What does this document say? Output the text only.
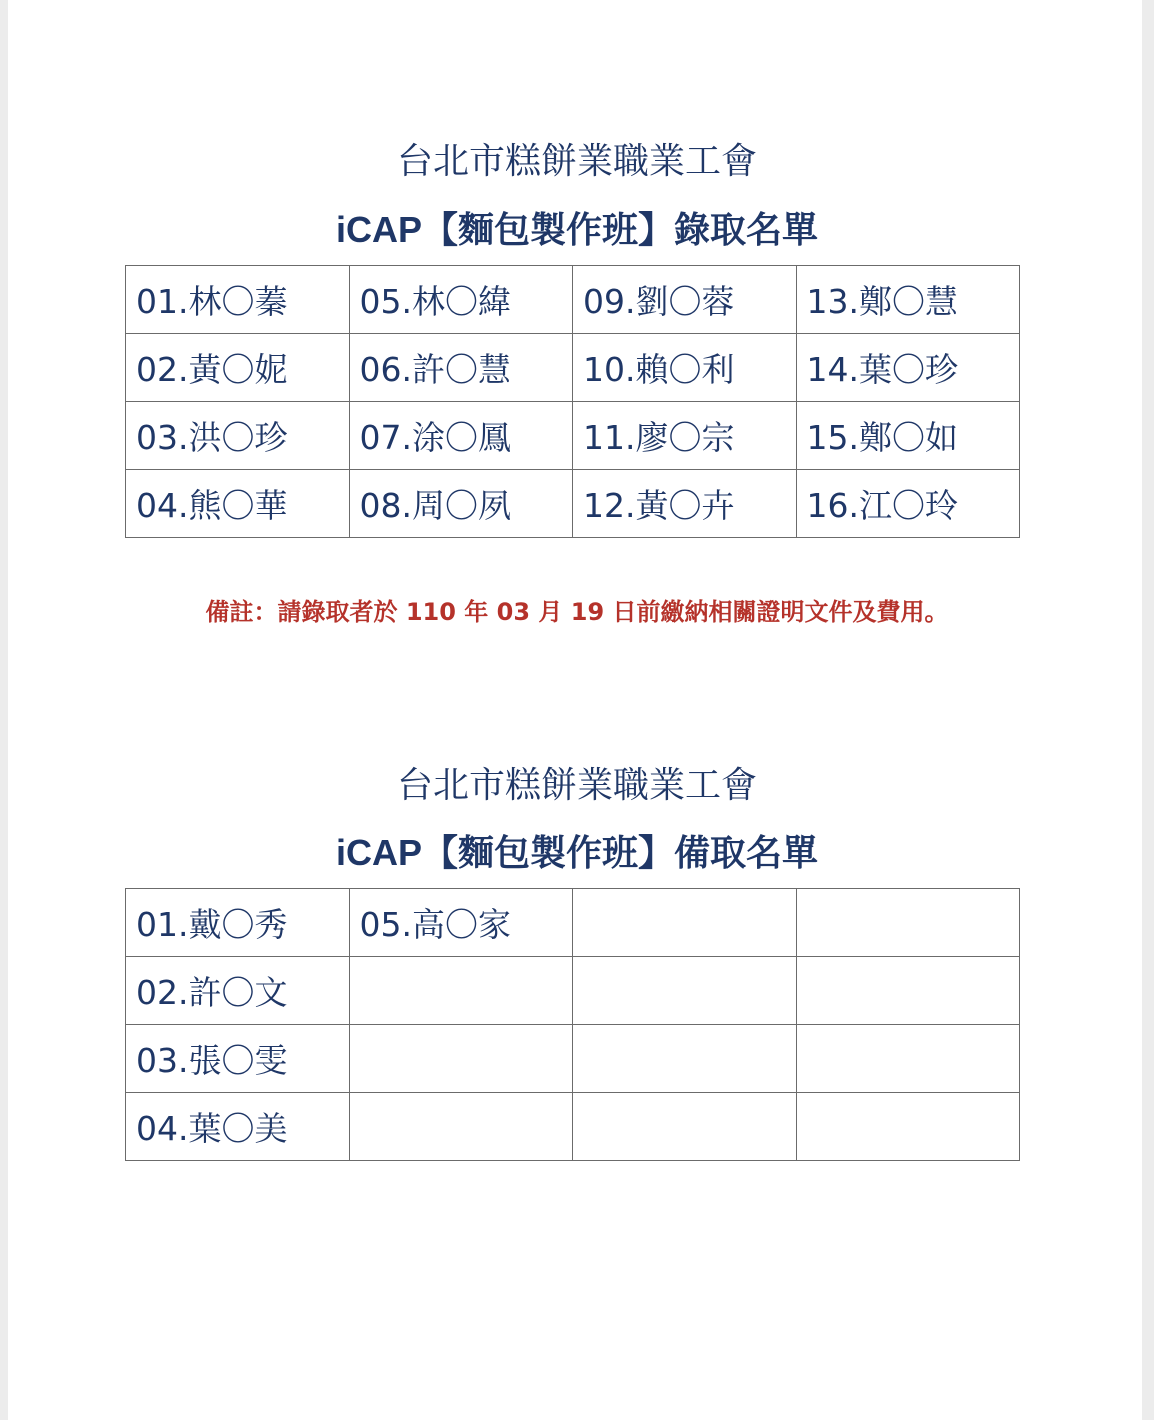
台北市糕餅業職業工會
iCAP【麵包製作班】錄取名單
01.林〇蓁	05.林〇緯	09.劉〇蓉	13.鄭〇慧
02.黃〇妮	06.許〇慧	10.賴〇利	14.葉〇珍
03.洪〇珍	07.涂〇鳳	11.廖〇宗	15.鄭〇如
04.熊〇華	08.周〇夙	12.黃〇卉	16.江〇玲

備註：請錄取者於 110 年 03 月 19 日前繳納相關證明文件及費用。

台北市糕餅業職業工會
iCAP【麵包製作班】備取名單
01.戴〇秀	05.高〇家		
02.許〇文			
03.張〇雯			
04.葉〇美			
